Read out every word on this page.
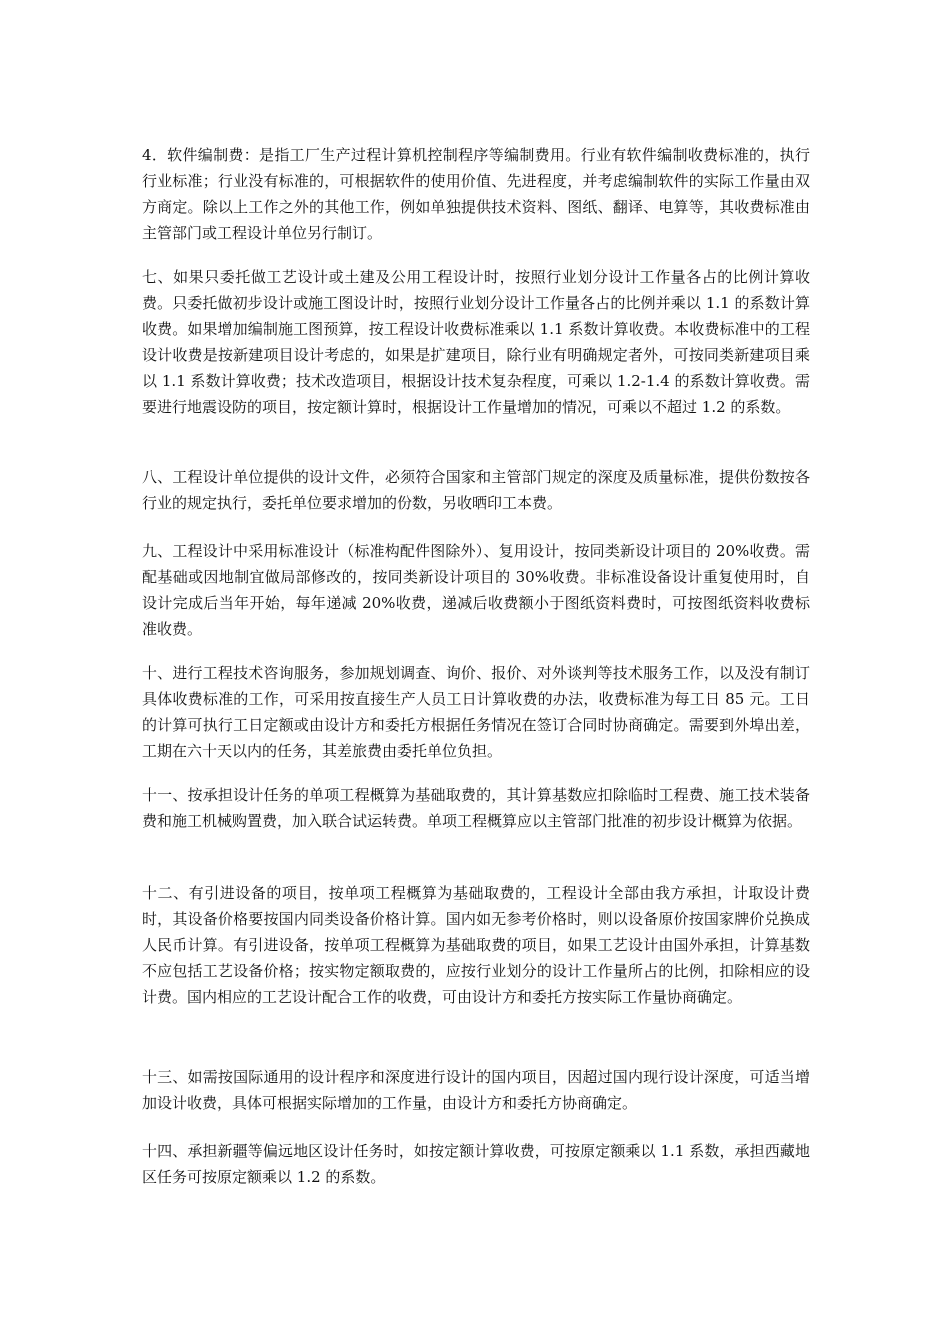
4．软件编制费：是指工厂生产过程计算机控制程序等编制费用。行业有软件编制收费标准的，执行行业标准；行业没有标准的，可根据软件的使用价值、先进程度，并考虑编制软件的实际工作量由双方商定。除以上工作之外的其他工作，例如单独提供技术资料、图纸、翻译、电算等，其收费标准由主管部门或工程设计单位另行制订。

七、如果只委托做工艺设计或土建及公用工程设计时，按照行业划分设计工作量各占的比例计算收费。只委托做初步设计或施工图设计时，按照行业划分设计工作量各占的比例并乘以 1.1 的系数计算收费。如果增加编制施工图预算，按工程设计收费标准乘以 1.1 系数计算收费。本收费标准中的工程设计收费是按新建项目设计考虑的，如果是扩建项目，除行业有明确规定者外，可按同类新建项目乘以 1.1 系数计算收费；技术改造项目，根据设计技术复杂程度，可乘以 1.2-1.4 的系数计算收费。需要进行地震设防的项目，按定额计算时，根据设计工作量增加的情况，可乘以不超过 1.2 的系数。

八、工程设计单位提供的设计文件，必须符合国家和主管部门规定的深度及质量标准，提供份数按各行业的规定执行，委托单位要求增加的份数，另收晒印工本费。

九、工程设计中采用标准设计（标准构配件图除外）、复用设计，按同类新设计项目的 20%收费。需配基础或因地制宜做局部修改的，按同类新设计项目的 30%收费。非标准设备设计重复使用时，自设计完成后当年开始，每年递减 20%收费，递减后收费额小于图纸资料费时，可按图纸资料收费标准收费。

十、进行工程技术咨询服务，参加规划调查、询价、报价、对外谈判等技术服务工作，以及没有制订具体收费标准的工作，可采用按直接生产人员工日计算收费的办法，收费标准为每工日 85 元。工日的计算可执行工日定额或由设计方和委托方根据任务情况在签订合同时协商确定。需要到外埠出差，工期在六十天以内的任务，其差旅费由委托单位负担。

十一、按承担设计任务的单项工程概算为基础取费的，其计算基数应扣除临时工程费、施工技术装备费和施工机械购置费，加入联合试运转费。单项工程概算应以主管部门批准的初步设计概算为依据。

十二、有引进设备的项目，按单项工程概算为基础取费的，工程设计全部由我方承担，计取设计费时，其设备价格要按国内同类设备价格计算。国内如无参考价格时，则以设备原价按国家牌价兑换成人民币计算。有引进设备，按单项工程概算为基础取费的项目，如果工艺设计由国外承担，计算基数不应包括工艺设备价格；按实物定额取费的，应按行业划分的设计工作量所占的比例，扣除相应的设计费。国内相应的工艺设计配合工作的收费，可由设计方和委托方按实际工作量协商确定。

十三、如需按国际通用的设计程序和深度进行设计的国内项目，因超过国内现行设计深度，可适当增加设计收费，具体可根据实际增加的工作量，由设计方和委托方协商确定。

十四、承担新疆等偏远地区设计任务时，如按定额计算收费，可按原定额乘以 1.1 系数，承担西藏地区任务可按原定额乘以 1.2 的系数。
